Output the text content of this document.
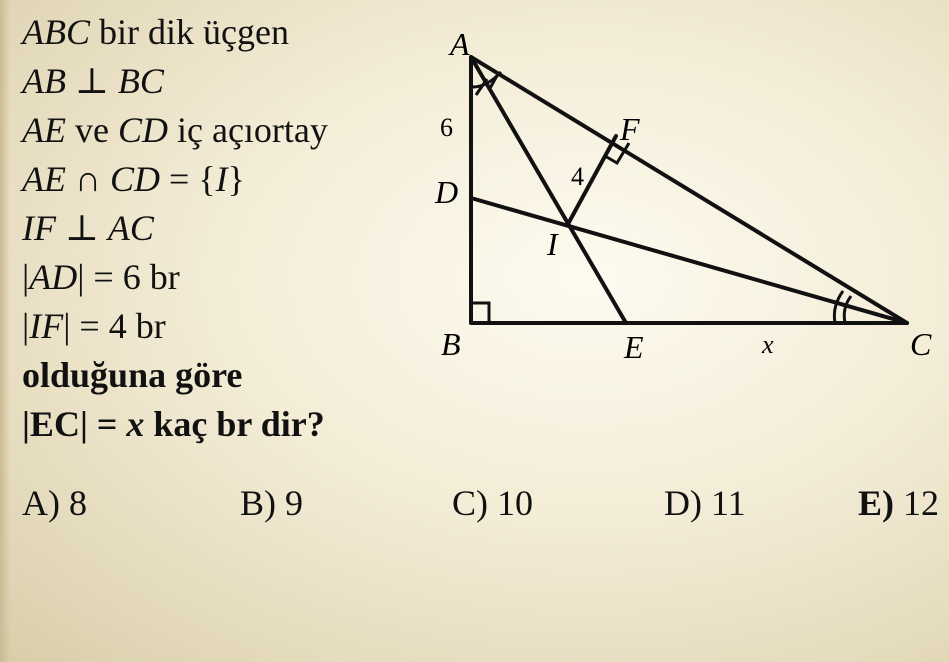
ABC bir dik üçgen
AB ⊥ BC
AE ve CD iç açıortay
AE ∩ CD = {I}
IF ⊥ AC
|AD| = 6 br
|IF| = 4 br
olduğuna göre
|EC| = x kaç br dir?
A
B	C
D
E
F
I
6
4
x
A) 8	B) 9	C) 10	D) 11	E) 12
